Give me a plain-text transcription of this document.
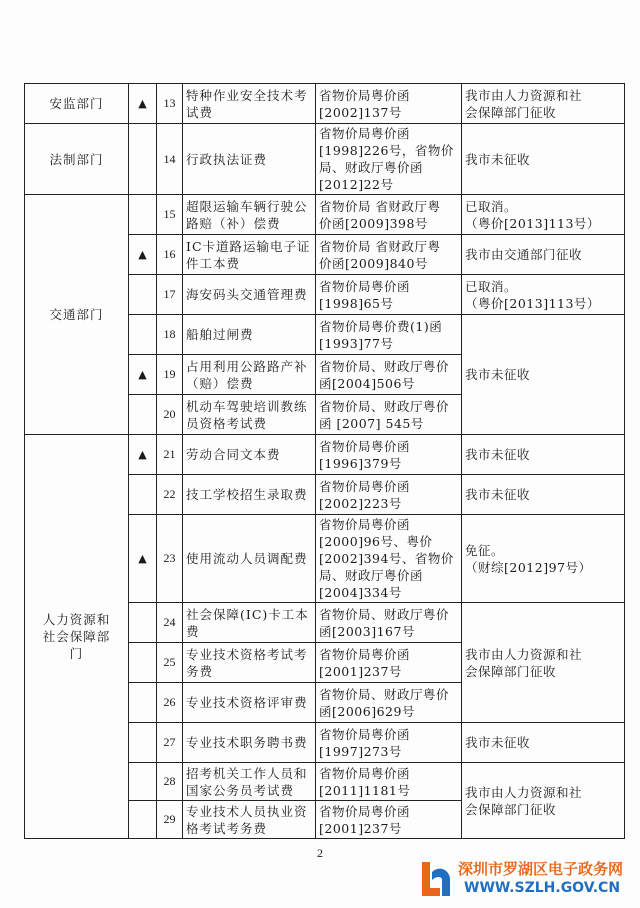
安监部门	▲	13	特种作业安全技术考
试费	省物价局粤价函
[2002]137号	我市由人力资源和社
会保障部门征收

法制部门		14	行政执法证费	省物价局粤价函
[1998]226号，省物价
局、财政厅粤价函
[2012]22号	我市未征收

交通部门		15	超限运输车辆行驶公
路赔（补）偿费	省物价局 省财政厅粤
价函[2009]398号	已取消。
（粤价[2013]113号）

	▲	16	IC卡道路运输电子证
件工本费	省物价局 省财政厅粤
价函[2009]840号	我市由交通部门征收

		17	海安码头交通管理费	省物价局粤价函
[1998]65号	已取消。
（粤价[2013]113号）

		18	船舶过闸费	省物价局粤价费(1)函
[1993]77号	我市未征收

	▲	19	占用利用公路路产补
（赔）偿费	省物价局、财政厅粤价
函[2004]506号	

		20	机动车驾驶培训教练
员资格考试费	省物价局、财政厅粤价
函 [2007] 545号	

人力资源和
社会保障部
门	▲	21	劳动合同文本费	省物价局粤价函
[1996]379号	我市未征收

		22	技工学校招生录取费	省物价局粤价函
[2002]223号	我市未征收

	▲	23	使用流动人员调配费	省物价局粤价函
[2000]96号、粤价
[2002]394号、省物价
局、财政厅粤价函
[2004]334号	免征。
（财综[2012]97号）

		24	社会保障(IC)卡工本
费	省物价局、财政厅粤价
函[2003]167号	我市由人力资源和社
会保障部门征收

		25	专业技术资格考试考
务费	省物价局粤价函
[2001]237号	

		26	专业技术资格评审费	省物价局、财政厅粤价
函[2006]629号	

		27	专业技术职务聘书费	省物价局粤价函
[1997]273号	我市未征收

		28	招考机关工作人员和
国家公务员考试费	省物价局粤价函
[2011]1181号	我市由人力资源和社
会保障部门征收

		29	专业技术人员执业资
格考试考务费	省物价局粤价函
[2001]237号	
2
深圳市罗湖区电子政务网
WWW.SZLH.GOV.CN
